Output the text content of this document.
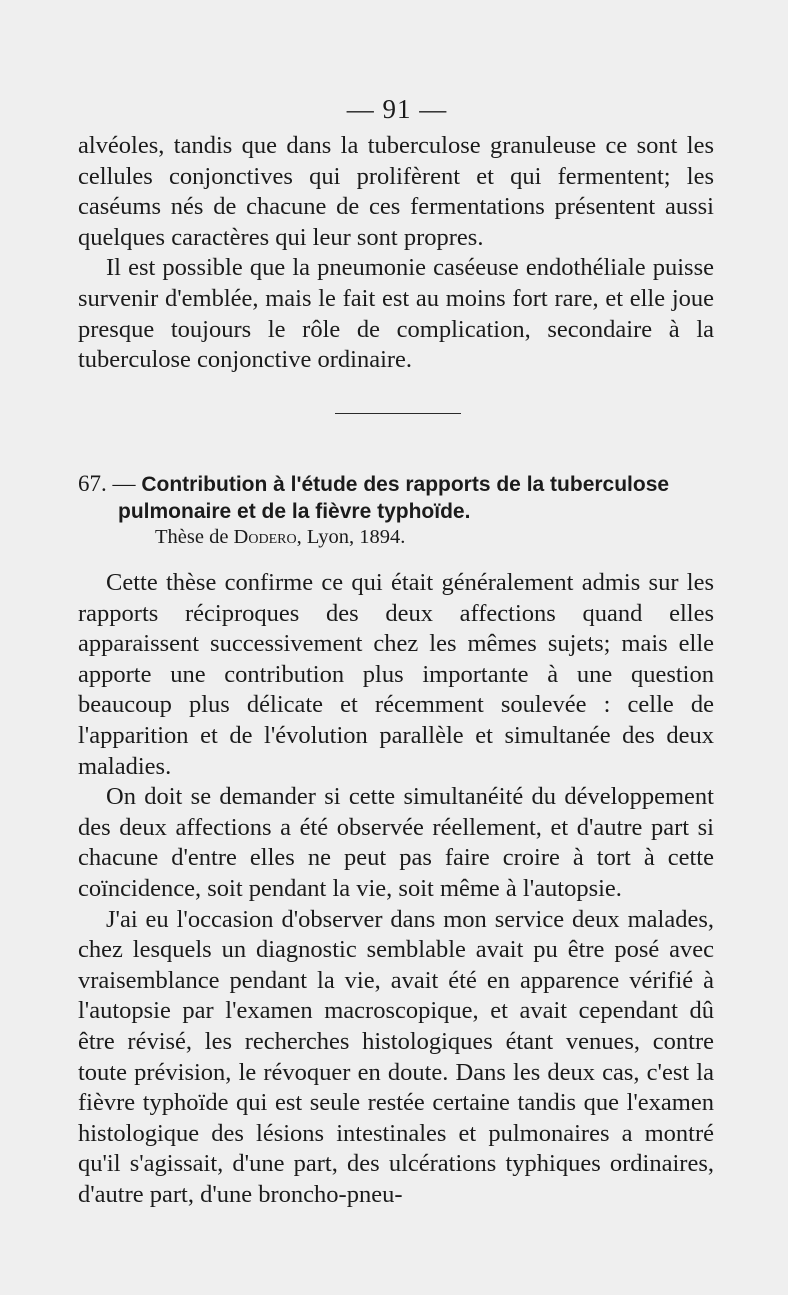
— 91 —

alvéoles, tandis que dans la tuberculose granuleuse ce sont les cellules conjonctives qui prolifèrent et qui fermentent; les caséums nés de chacune de ces fermentations présentent aussi quelques caractères qui leur sont propres.

Il est possible que la pneumonie caséeuse endothéliale puisse survenir d'emblée, mais le fait est au moins fort rare, et elle joue presque toujours le rôle de complication, secondaire à la tuberculose conjonctive ordinaire.

67. — Contribution à l'étude des rapports de la tuberculose
pulmonaire et de la fièvre typhoïde.
Thèse de Dodero, Lyon, 1894.

Cette thèse confirme ce qui était généralement admis sur les rapports réciproques des deux affections quand elles apparaissent successivement chez les mêmes sujets; mais elle apporte une contribution plus importante à une question beaucoup plus délicate et récemment soulevée : celle de l'apparition et de l'évolution parallèle et simultanée des deux maladies.

On doit se demander si cette simultanéité du développement des deux affections a été observée réellement, et d'autre part si chacune d'entre elles ne peut pas faire croire à tort à cette coïncidence, soit pendant la vie, soit même à l'autopsie.

J'ai eu l'occasion d'observer dans mon service deux malades, chez lesquels un diagnostic semblable avait pu être posé avec vraisemblance pendant la vie, avait été en apparence vérifié à l'autopsie par l'examen macroscopique, et avait cependant dû être révisé, les recherches histologiques étant venues, contre toute prévision, le révoquer en doute. Dans les deux cas, c'est la fièvre typhoïde qui est seule restée certaine tandis que l'examen histologique des lésions intestinales et pulmonaires a montré qu'il s'agissait, d'une part, des ulcérations typhiques ordinaires, d'autre part, d'une broncho-pneu-
